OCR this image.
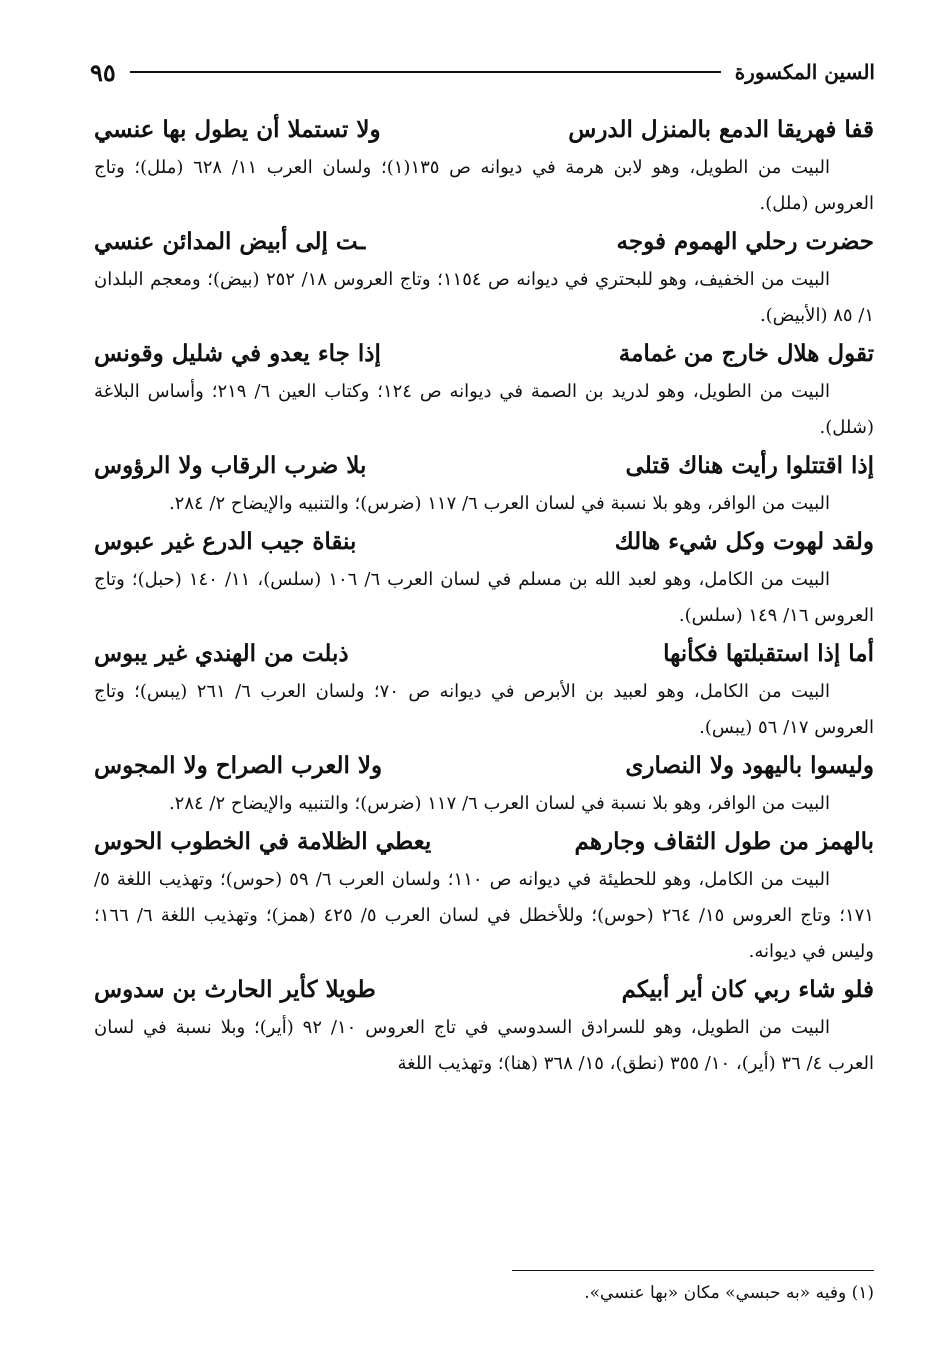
السين المكسورة
٩٥
قفا فهريقا الدمع بالمنزل الدرس
ولا تستملا أن يطول بها عنسي

البيت من الطويل، وهو لابن هرمة في ديوانه ص ١٣٥(١)؛ ولسان العرب ١١/ ٦٢٨ (ملل)؛ وتاج العروس (ملل).

حضرت رحلي الهموم فوجه
ـت إلى أبيض المدائن عنسي

البيت من الخفيف، وهو للبحتري في ديوانه ص ١١٥٤؛ وتاج العروس ١٨/ ٢٥٢ (بيض)؛ ومعجم البلدان ١/ ٨٥ (الأبيض).

تقول هلال خارج من غمامة
إذا جاء يعدو في شليل وقونس

البيت من الطويل، وهو لدريد بن الصمة في ديوانه ص ١٢٤؛ وكتاب العين ٦/ ٢١٩؛ وأساس البلاغة (شلل).

إذا اقتتلوا رأيت هناك قتلى
بلا ضرب الرقاب ولا الرؤوس

البيت من الوافر، وهو بلا نسبة في لسان العرب ٦/ ١١٧ (ضرس)؛ والتنبيه والإيضاح ٢/ ٢٨٤.

ولقد لهوت وكل شيء هالك
بنقاة جيب الدرع غير عبوس

البيت من الكامل، وهو لعبد الله بن مسلم في لسان العرب ٦/ ١٠٦ (سلس)، ١١/ ١٤٠ (حبل)؛ وتاج العروس ١٦/ ١٤٩ (سلس).

أما إذا استقبلتها فكأنها
ذبلت من الهندي غير يبوس

البيت من الكامل، وهو لعبيد بن الأبرص في ديوانه ص ٧٠؛ ولسان العرب ٦/ ٢٦١ (يبس)؛ وتاج العروس ١٧/ ٥٦ (يبس).

وليسوا باليهود ولا النصارى
ولا العرب الصراح ولا المجوس

البيت من الوافر، وهو بلا نسبة في لسان العرب ٦/ ١١٧ (ضرس)؛ والتنبيه والإيضاح ٢/ ٢٨٤.

بالهمز من طول الثقاف وجارهم
يعطي الظلامة في الخطوب الحوس

البيت من الكامل، وهو للحطيئة في ديوانه ص ١١٠؛ ولسان العرب ٦/ ٥٩ (حوس)؛ وتهذيب اللغة ٥/ ١٧١؛ وتاج العروس ١٥/ ٢٦٤ (حوس)؛ وللأخطل في لسان العرب ٥/ ٤٢٥ (همز)؛ وتهذيب اللغة ٦/ ١٦٦؛ وليس في ديوانه.

فلو شاء ربي كان أير أبيكم
طويلا كأير الحارث بن سدوس

البيت من الطويل، وهو للسرادق السدوسي في تاج العروس ١٠/ ٩٢ (أير)؛ وبلا نسبة في لسان العرب ٤/ ٣٦ (أير)، ١٠/ ٣٥٥ (نطق)، ١٥/ ٣٦٨ (هنا)؛ وتهذيب اللغة

(١) وفيه «به حبسي» مكان «بها عنسي».
